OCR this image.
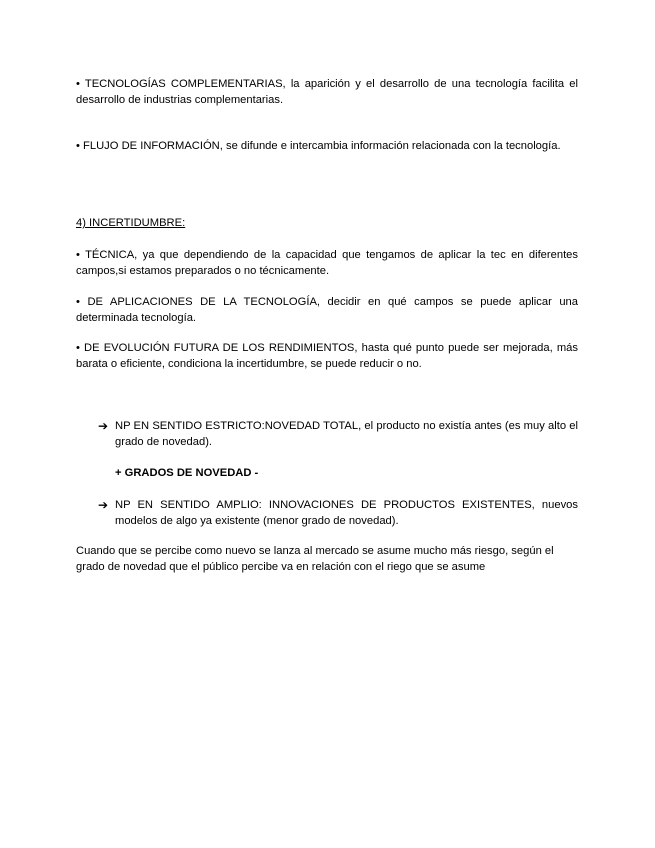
• TECNOLOGÍAS COMPLEMENTARIAS, la aparición y el desarrollo de una tecnología facilita el desarrollo de industrias complementarias.

• FLUJO DE INFORMACIÓN, se difunde e intercambia información relacionada con la tecnología.

4) INCERTIDUMBRE:

• TÉCNICA, ya que dependiendo de la capacidad que tengamos de aplicar la tec en diferentes campos,si estamos preparados o no técnicamente.

• DE APLICACIONES DE LA TECNOLOGÍA, decidir en qué campos se puede aplicar una determinada tecnología.

• DE EVOLUCIÓN FUTURA DE LOS RENDIMIENTOS, hasta qué punto puede ser mejorada, más barata o eficiente, condiciona la incertidumbre, se puede reducir o no.

➔ NP EN SENTIDO ESTRICTO:NOVEDAD TOTAL, el producto no existía antes (es muy alto el grado de novedad).

+ GRADOS DE NOVEDAD -

➔ NP EN SENTIDO AMPLIO: INNOVACIONES DE PRODUCTOS EXISTENTES, nuevos modelos de algo ya existente (menor grado de novedad).

Cuando que se percibe como nuevo se lanza al mercado se asume mucho más riesgo, según el grado de novedad que el público percibe va en relación con el riego que se asume
